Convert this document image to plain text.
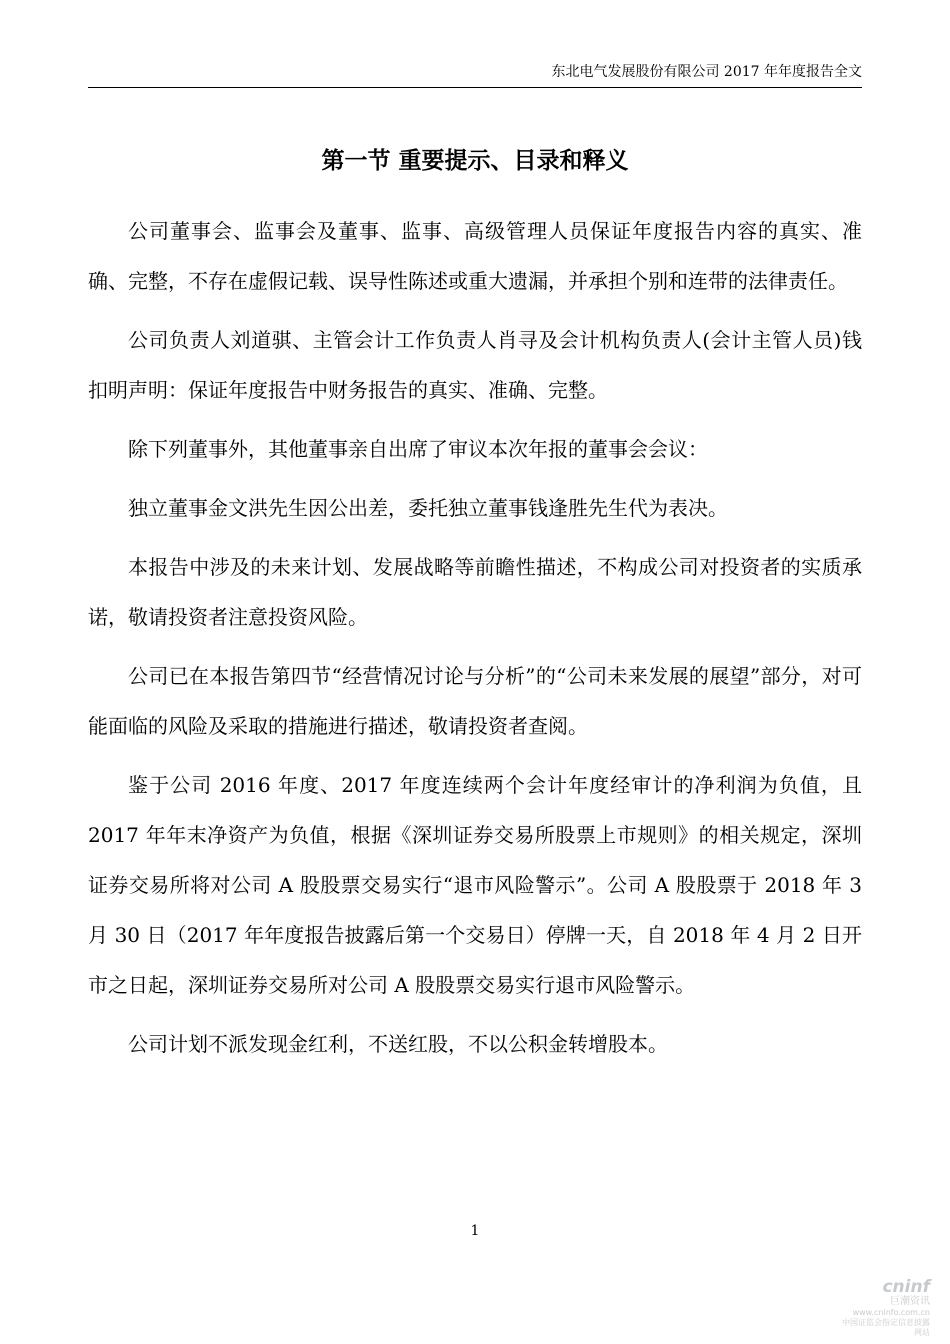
东北电气发展股份有限公司 2017 年年度报告全文
第一节 重要提示、目录和释义

公司董事会、监事会及董事、监事、高级管理人员保证年度报告内容的真实、准确、完整，不存在虚假记载、误导性陈述或重大遗漏，并承担个别和连带的法律责任。

公司负责人刘道骐、主管会计工作负责人肖寻及会计机构负责人(会计主管人员)钱扣明声明：保证年度报告中财务报告的真实、准确、完整。

除下列董事外，其他董事亲自出席了审议本次年报的董事会会议：

独立董事金文洪先生因公出差，委托独立董事钱逢胜先生代为表决。

本报告中涉及的未来计划、发展战略等前瞻性描述，不构成公司对投资者的实质承诺，敬请投资者注意投资风险。

公司已在本报告第四节“经营情况讨论与分析”的“公司未来发展的展望”部分，对可能面临的风险及采取的措施进行描述，敬请投资者查阅。

鉴于公司 2016 年度、2017 年度连续两个会计年度经审计的净利润为负值，且 2017 年年末净资产为负值，根据《深圳证券交易所股票上市规则》的相关规定，深圳证券交易所将对公司 A 股股票交易实行“退市风险警示”。公司 A 股股票于 2018 年 3 月 30 日（2017 年年度报告披露后第一个交易日）停牌一天，自 2018 年 4 月 2 日开市之日起，深圳证券交易所对公司 A 股股票交易实行退市风险警示。

公司计划不派发现金红利，不送红股，不以公积金转增股本。

1
cninf
巨潮资讯
www.cninfo.com.cn
中国证监会指定信息披露网站
